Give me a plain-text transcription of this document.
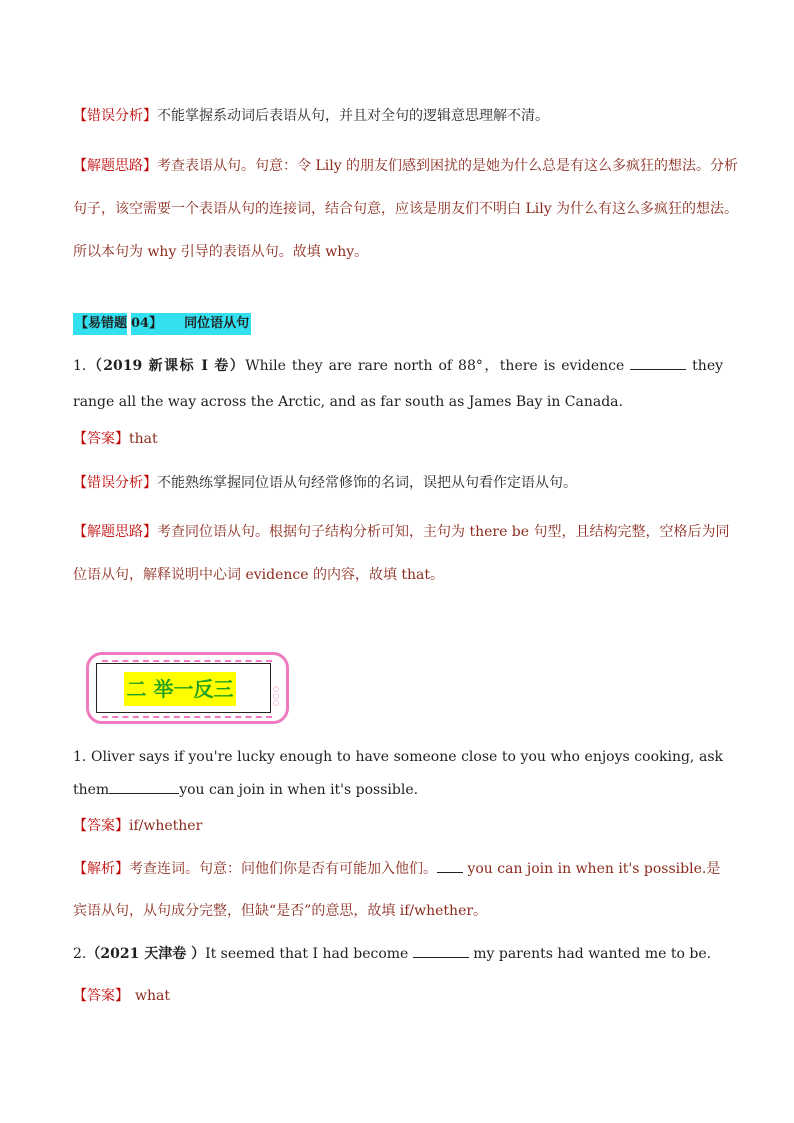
【错误分析】不能掌握系动词后表语从句，并且对全句的逻辑意思理解不清。
【解题思路】考查表语从句。句意：令 Lily 的朋友们感到困扰的是她为什么总是有这么多疯狂的想法。分析
句子，该空需要一个表语从句的连接词，结合句意，应该是朋友们不明白 Lily 为什么有这么多疯狂的想法。
所以本句为 why 引导的表语从句。故填 why。
【易错题 04】 同位语从句
1.（2019 新课标 I 卷）While they are rare north of 88°，there is evidence	they
range all the way across the Arctic, and as far south as James Bay in Canada.
【答案】that
【错误分析】不能熟练掌握同位语从句经常修饰的名词，误把从句看作定语从句。
【解题思路】考查同位语从句。根据句子结构分析可知，主句为 there be 句型，且结构完整，空格后为同
位语从句，解释说明中心词 evidence 的内容，故填 that。
二 举一反三	○
○
○
1. Oliver says if you're lucky enough to have someone close to you who enjoys cooking, ask
them	you can join in when it's possible.
【答案】if/whether
【解析】考查连词。句意：问他们你是否有可能加入他们。 you can join in when it's possible.是
宾语从句，从句成分完整，但缺“是否”的意思，故填 if/whether。
2.（2021 天津卷 ）It seemed that I had become	my parents had wanted me to be.
【答案】 what
